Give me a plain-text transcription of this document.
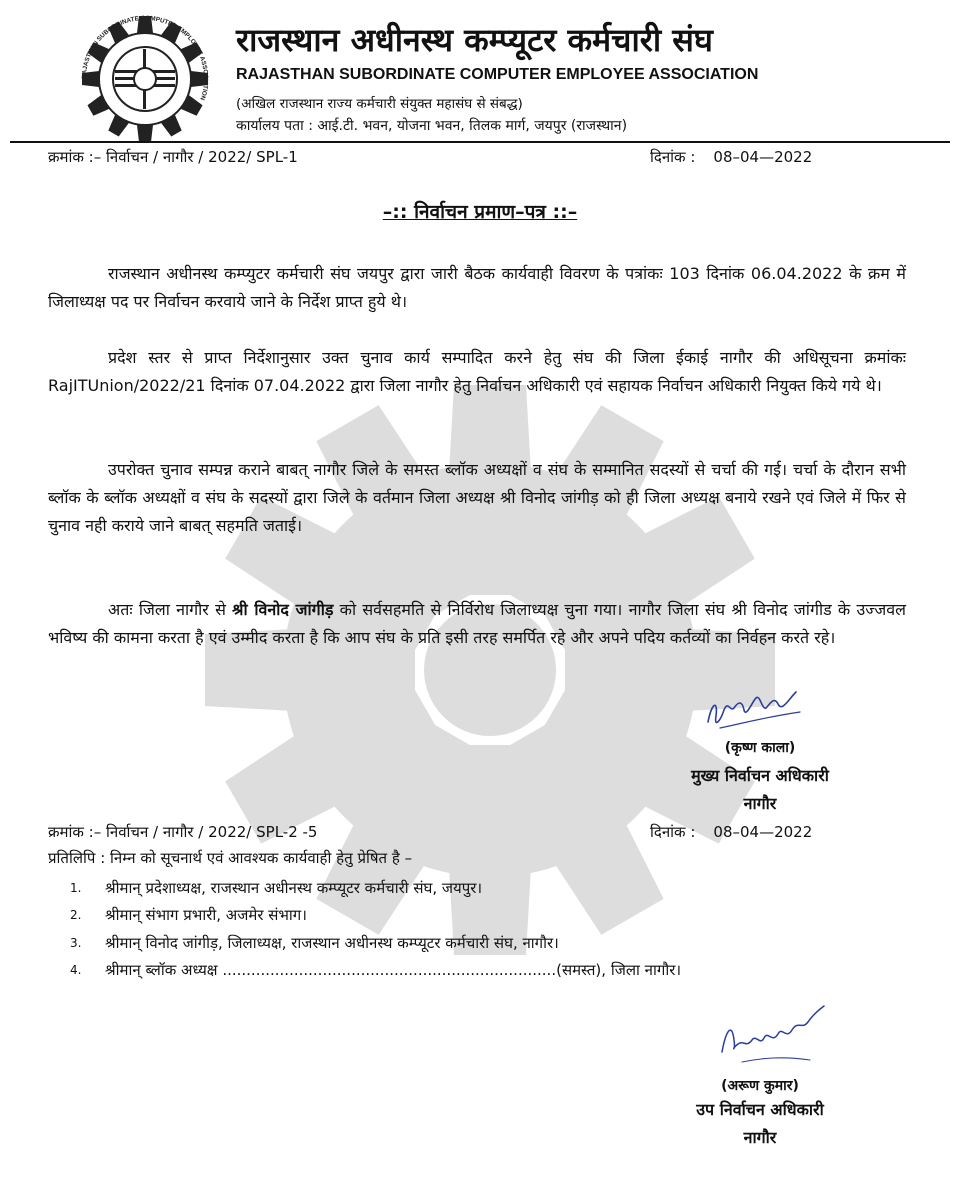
RAJASTHAN SUBORDINATE COMPUTER EMPLOYEE ASSOCIATION
राजस्थान अधीनस्थ कम्प्यूटर कर्मचारी संघ
RAJASTHAN SUBORDINATE COMPUTER EMPLOYEE ASSOCIATION
(अखिल राजस्थान राज्य कर्मचारी संयुक्त महासंघ से संबद्ध)
कार्यालय पता : आई.टी. भवन, योजना भवन, तिलक मार्ग, जयपुर (राजस्थान)
क्रमांक :– निर्वाचन / नागौर / 2022/ SPL-1	दिनांक : 08–04—2022
–:: निर्वाचन प्रमाण–पत्र ::–

राजस्थान अधीनस्थ कम्प्युटर कर्मचारी संघ जयपुर द्वारा जारी बैठक कार्यवाही विवरण के पत्रांकः 103 दिनांक 06.04.2022 के क्रम में जिलाध्यक्ष पद पर निर्वाचन करवाये जाने के निर्देश प्राप्त हुये थे।

प्रदेश स्तर से प्राप्त निर्देशानुसार उक्त चुनाव कार्य सम्पादित करने हेतु संघ की जिला ईकाई नागौर की अधिसूचना क्रमांकः RajITUnion/2022/21 दिनांक 07.04.2022 द्वारा जिला नागौर हेतु निर्वाचन अधिकारी एवं सहायक निर्वाचन अधिकारी नियुक्त किये गये थे।

उपरोक्त चुनाव सम्पन्न कराने बाबत् नागौर जिले के समस्त ब्लॉक अध्यक्षों व संघ के सम्मानित सदस्यों से चर्चा की गई। चर्चा के दौरान सभी ब्लॉक के ब्लॉक अध्यक्षों व संघ के सदस्यों द्वारा जिले के वर्तमान जिला अध्यक्ष श्री विनोद जांगीड़ को ही जिला अध्यक्ष बनाये रखने एवं जिले में फिर से चुनाव नही कराये जाने बाबत् सहमति जताई।

अतः जिला नागौर से श्री विनोद जांगीड़ को सर्वसहमति से निर्विरोध जिलाध्यक्ष चुना गया। नागौर जिला संघ श्री विनोद जांगीड के उज्जवल भविष्य की कामना करता है एवं उम्मीद करता है कि आप संघ के प्रति इसी तरह समर्पित रहे और अपने पदिय कर्तव्यों का निर्वहन करते रहे।

(कृष्ण काला)
मुख्य निर्वाचन अधिकारी
नागौर
क्रमांक :– निर्वाचन / नागौर / 2022/ SPL-2 -5	दिनांक : 08–04—2022
प्रतिलिपि : निम्न को सूचनार्थ एवं आवश्यक कार्यवाही हेतु प्रेषित है –
1.	श्रीमान् प्रदेशाध्यक्ष, राजस्थान अधीनस्थ कम्प्यूटर कर्मचारी संघ, जयपुर।
2.	श्रीमान् संभाग प्रभारी, अजमेर संभाग।
3.	श्रीमान् विनोद जांगीड़, जिलाध्यक्ष, राजस्थान अधीनस्थ कम्प्यूटर कर्मचारी संघ, नागौर।
4.	श्रीमान् ब्लॉक अध्यक्ष ......................................................................(समस्त), जिला नागौर।
(अरूण कुमार)
उप निर्वाचन अधिकारी
नागौर
